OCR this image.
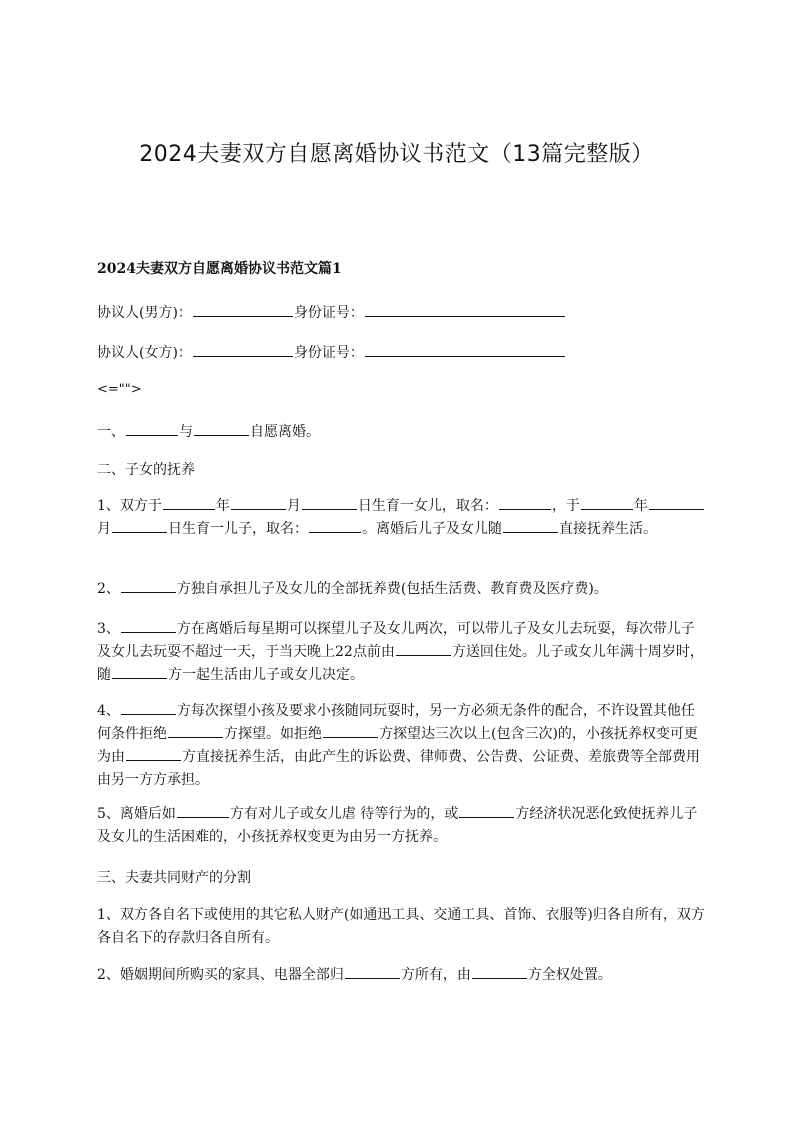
2024夫妻双方自愿离婚协议书范文（13篇完整版）
2024夫妻双方自愿离婚协议书范文篇1

协议人(男方)：	身份证号：

协议人(女方)：	身份证号：

<="">

一、	与	自愿离婚。

二、子女的抚养

1、双方于	年	月	日生育一女儿，取名：	，于	年月	日生育一儿子，取名：	。离婚后儿子及女儿随	直接抚养生活。

2、	方独自承担儿子及女儿的全部抚养费(包括生活费、教育费及医疗费)。

3、	方在离婚后每星期可以探望儿子及女儿两次，可以带儿子及女儿去玩耍，每次带儿子及女儿去玩耍不超过一天，于当天晚上22点前由	方送回住处。儿子或女儿年满十周岁时，随	方一起生活由儿子或女儿决定。

4、	方每次探望小孩及要求小孩随同玩耍时，另一方必须无条件的配合，不许设置其他任何条件拒绝	方探望。如拒绝	方探望达三次以上(包含三次)的，小孩抚养权变可更为由	方直接抚养生活，由此产生的诉讼费、律师费、公告费、公证费、差旅费等全部费用由另一方方承担。

5、离婚后如	方有对儿子或女儿虐 待等行为的，或	方经济状况恶化致使抚养儿子及女儿的生活困难的，小孩抚养权变更为由另一方抚养。

三、夫妻共同财产的分割

1、双方各自名下或使用的其它私人财产(如通迅工具、交通工具、首饰、衣服等)归各自所有，双方各自名下的存款归各自所有。

2、婚姻期间所购买的家具、电器全部归	方所有，由	方全权处置。
